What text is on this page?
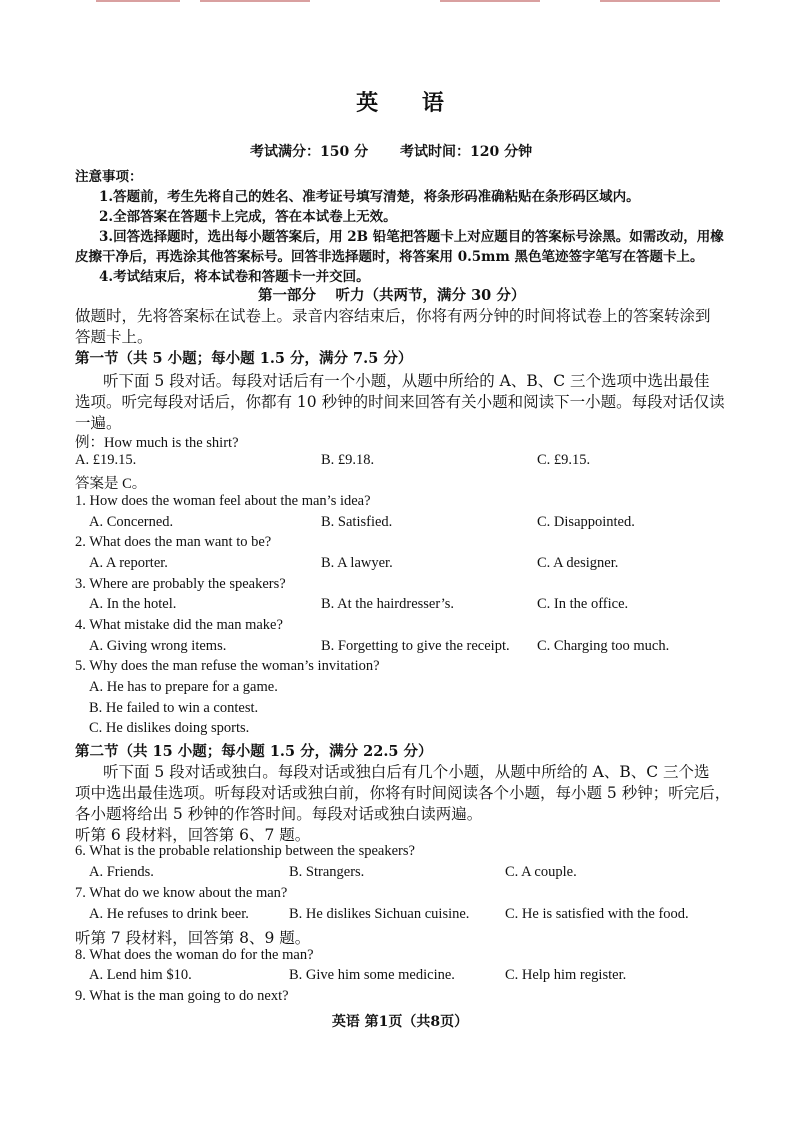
英 语
考试满分：150 分 考试时间：120 分钟
注意事项：
1.答题前，考生先将自己的姓名、准考证号填写清楚，将条形码准确粘贴在条形码区域内。
2.全部答案在答题卡上完成，答在本试卷上无效。
3.回答选择题时，选出每小题答案后，用 2B 铅笔把答题卡上对应题目的答案标号涂黑。如需改动，用橡
皮擦干净后，再选涂其他答案标号。回答非选择题时，将答案用 0.5mm 黑色笔迹签字笔写在答题卡上。
4.考试结束后，将本试卷和答题卡一并交回。
第一部分　 听力（共两节，满分 30 分）
做题时，先将答案标在试卷上。录音内容结束后，你将有两分钟的时间将试卷上的答案转涂到
答题卡上。
第一节（共 5 小题；每小题 1.5 分，满分 7.5 分）
听下面 5 段对话。每段对话后有一个小题，从题中所给的 A、B、C 三个选项中选出最佳
选项。听完每段对话后，你都有 10 秒钟的时间来回答有关小题和阅读下一小题。每段对话仅读
一遍。
例：How much is the shirt?
A. £19.15.	B. £9.18.	C. £9.15.
答案是 C。
1. How does the woman feel about the man’s idea?
A. Concerned.	B. Satisfied.	C. Disappointed.
2. What does the man want to be?
A. A reporter.	B. A lawyer.	C. A designer.
3. Where are probably the speakers?
A. In the hotel.	B. At the hairdresser’s.	C. In the office.
4. What mistake did the man make?
A. Giving wrong items.	B. Forgetting to give the receipt. C. Charging too much.
5. Why does the man refuse the woman’s invitation?
A. He has to prepare for a game.
B. He failed to win a contest.
C. He dislikes doing sports.
第二节（共 15 小题；每小题 1.5 分，满分 22.5 分）
听下面 5 段对话或独白。每段对话或独白后有几个小题，从题中所给的 A、B、C 三个选
项中选出最佳选项。听每段对话或独白前，你将有时间阅读各个小题，每小题 5 秒钟；听完后，
各小题将给出 5 秒钟的作答时间。每段对话或独白读两遍。
听第 6 段材料，回答第 6、7 题。
6. What is the probable relationship between the speakers?
A. Friends.	B. Strangers.	C. A couple.
7. What do we know about the man?
A. He refuses to drink beer.	B. He dislikes Sichuan cuisine. C. He is satisfied with the food.
听第 7 段材料，回答第 8、9 题。
8. What does the woman do for the man?
A. Lend him $10.	B. Give him some medicine.	C. Help him register.
9. What is the man going to do next?
英语 第1页（共8页）
